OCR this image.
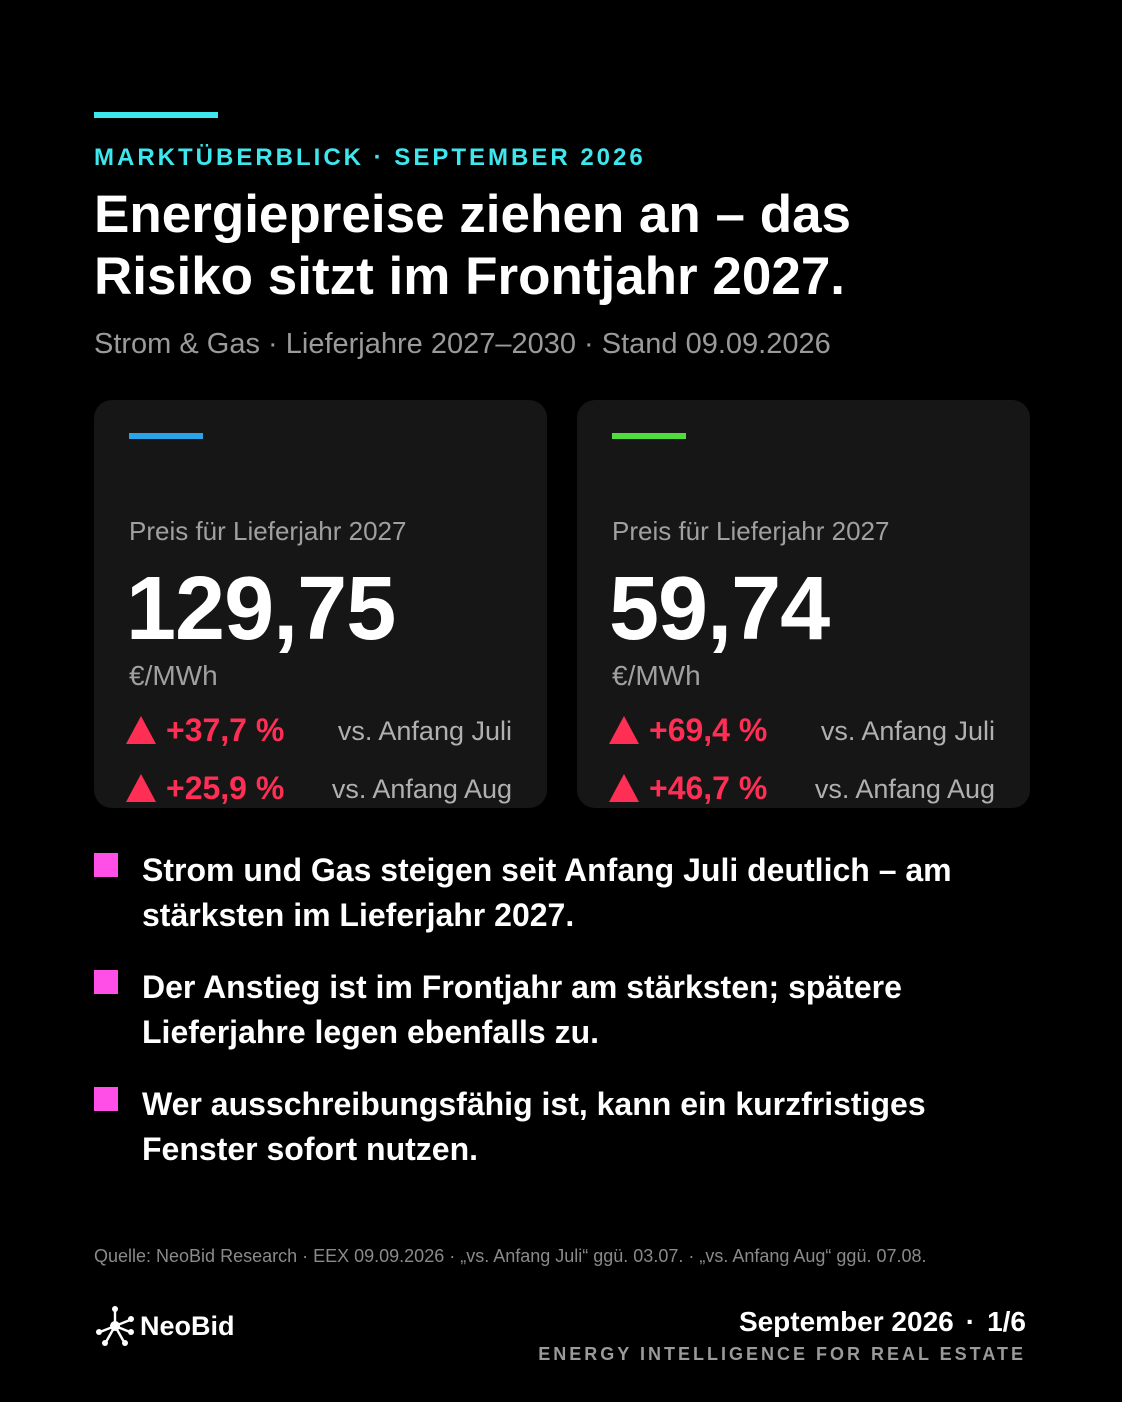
MARKTÜBERBLICK · SEPTEMBER 2026
Energiepreise ziehen an – das
Risiko sitzt im Frontjahr 2027.
Strom & Gas · Lieferjahre 2027–2030 · Stand 09.09.2026
Preis für Lieferjahr 2027
129,75
€/MWh
+37,7 % vs. Anfang Juli
+25,9 % vs. Anfang Aug
Preis für Lieferjahr 2027
59,74
€/MWh
+69,4 % vs. Anfang Juli
+46,7 % vs. Anfang Aug
Strom und Gas steigen seit Anfang Juli deutlich – am stärksten im Lieferjahr 2027.
Der Anstieg ist im Frontjahr am stärksten; spätere Lieferjahre legen ebenfalls zu.
Wer ausschreibungsfähig ist, kann ein kurzfristiges Fenster sofort nutzen.
Quelle: NeoBid Research · EEX 09.09.2026 · „vs. Anfang Juli“ ggü. 03.07. · „vs. Anfang Aug“ ggü. 07.08.
NeoBid	September 2026 · 1/6
ENERGY INTELLIGENCE FOR REAL ESTATE
